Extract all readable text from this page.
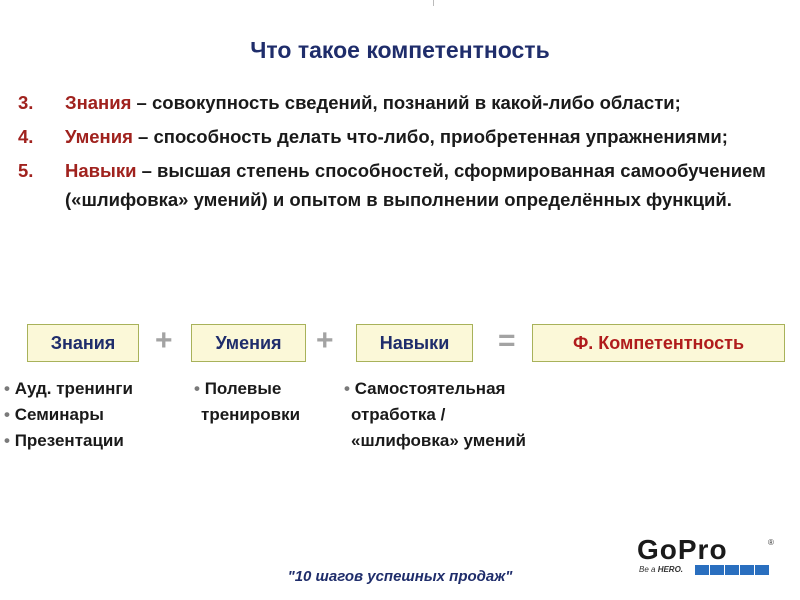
Что такое компетентность
3. Знания – совокупность сведений, познаний в какой-либо области;
4. Умения – способность делать что-либо, приобретенная упражнениями;
5. Навыки – высшая степень способностей, сформированная самообучением («шлифовка» умений) и опытом в выполнении определённых функций.
Знания	+	Умения	+	Навыки	=	Ф. Компетентность
• Ауд. тренинги
• Семинары
• Презентации
• Полевые
тренировки
• Самостоятельная
отработка /
«шлифовка» умений
"10 шагов успешных продаж"
GoPro	®
Be a HERO.
